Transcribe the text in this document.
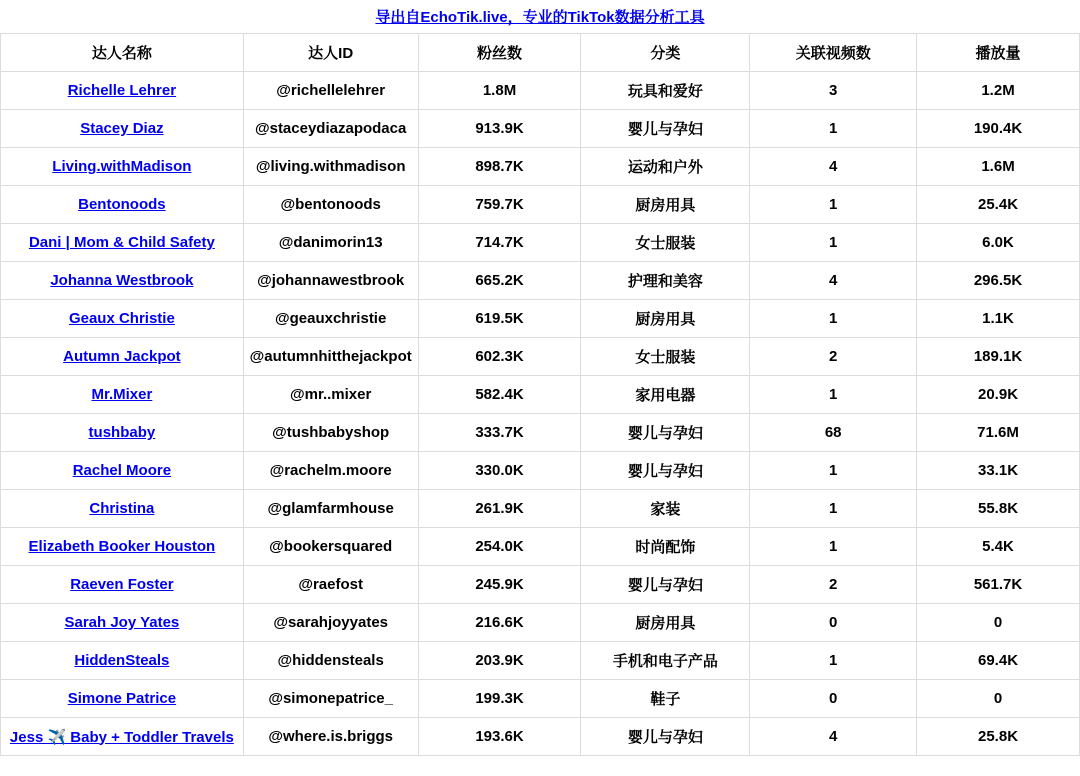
导出自EchoTik.live，专业的TikTok数据分析工具
达人名称	达人ID	粉丝数	分类	关联视频数	播放量
Richelle Lehrer	@richellelehrer	1.8M	玩具和爱好	3	1.2M
Stacey Diaz	@staceydiazapodaca	913.9K	婴儿与孕妇	1	190.4K
Living.withMadison	@living.withmadison	898.7K	运动和户外	4	1.6M
Bentonoods	@bentonoods	759.7K	厨房用具	1	25.4K
Dani | Mom & Child Safety	@danimorin13	714.7K	女士服装	1	6.0K
Johanna Westbrook	@johannawestbrook	665.2K	护理和美容	4	296.5K
Geaux Christie	@geauxchristie	619.5K	厨房用具	1	1.1K
Autumn Jackpot	@autumnhitthejackpot	602.3K	女士服装	2	189.1K
Mr.Mixer	@mr..mixer	582.4K	家用电器	1	20.9K
tushbaby	@tushbabyshop	333.7K	婴儿与孕妇	68	71.6M
Rachel Moore	@rachelm.moore	330.0K	婴儿与孕妇	1	33.1K
Christina	@glamfarmhouse	261.9K	家装	1	55.8K
Elizabeth Booker Houston	@bookersquared	254.0K	时尚配饰	1	5.4K
Raeven Foster	@raefost	245.9K	婴儿与孕妇	2	561.7K
Sarah Joy Yates	@sarahjoyyates	216.6K	厨房用具	0	0
HiddenSteals	@hiddensteals	203.9K	手机和电子产品	1	69.4K
Simone Patrice	@simonepatrice_	199.3K	鞋子	0	0
Jess ✈️ Baby + Toddler Travels	@where.is.briggs	193.6K	婴儿与孕妇	4	25.8K
